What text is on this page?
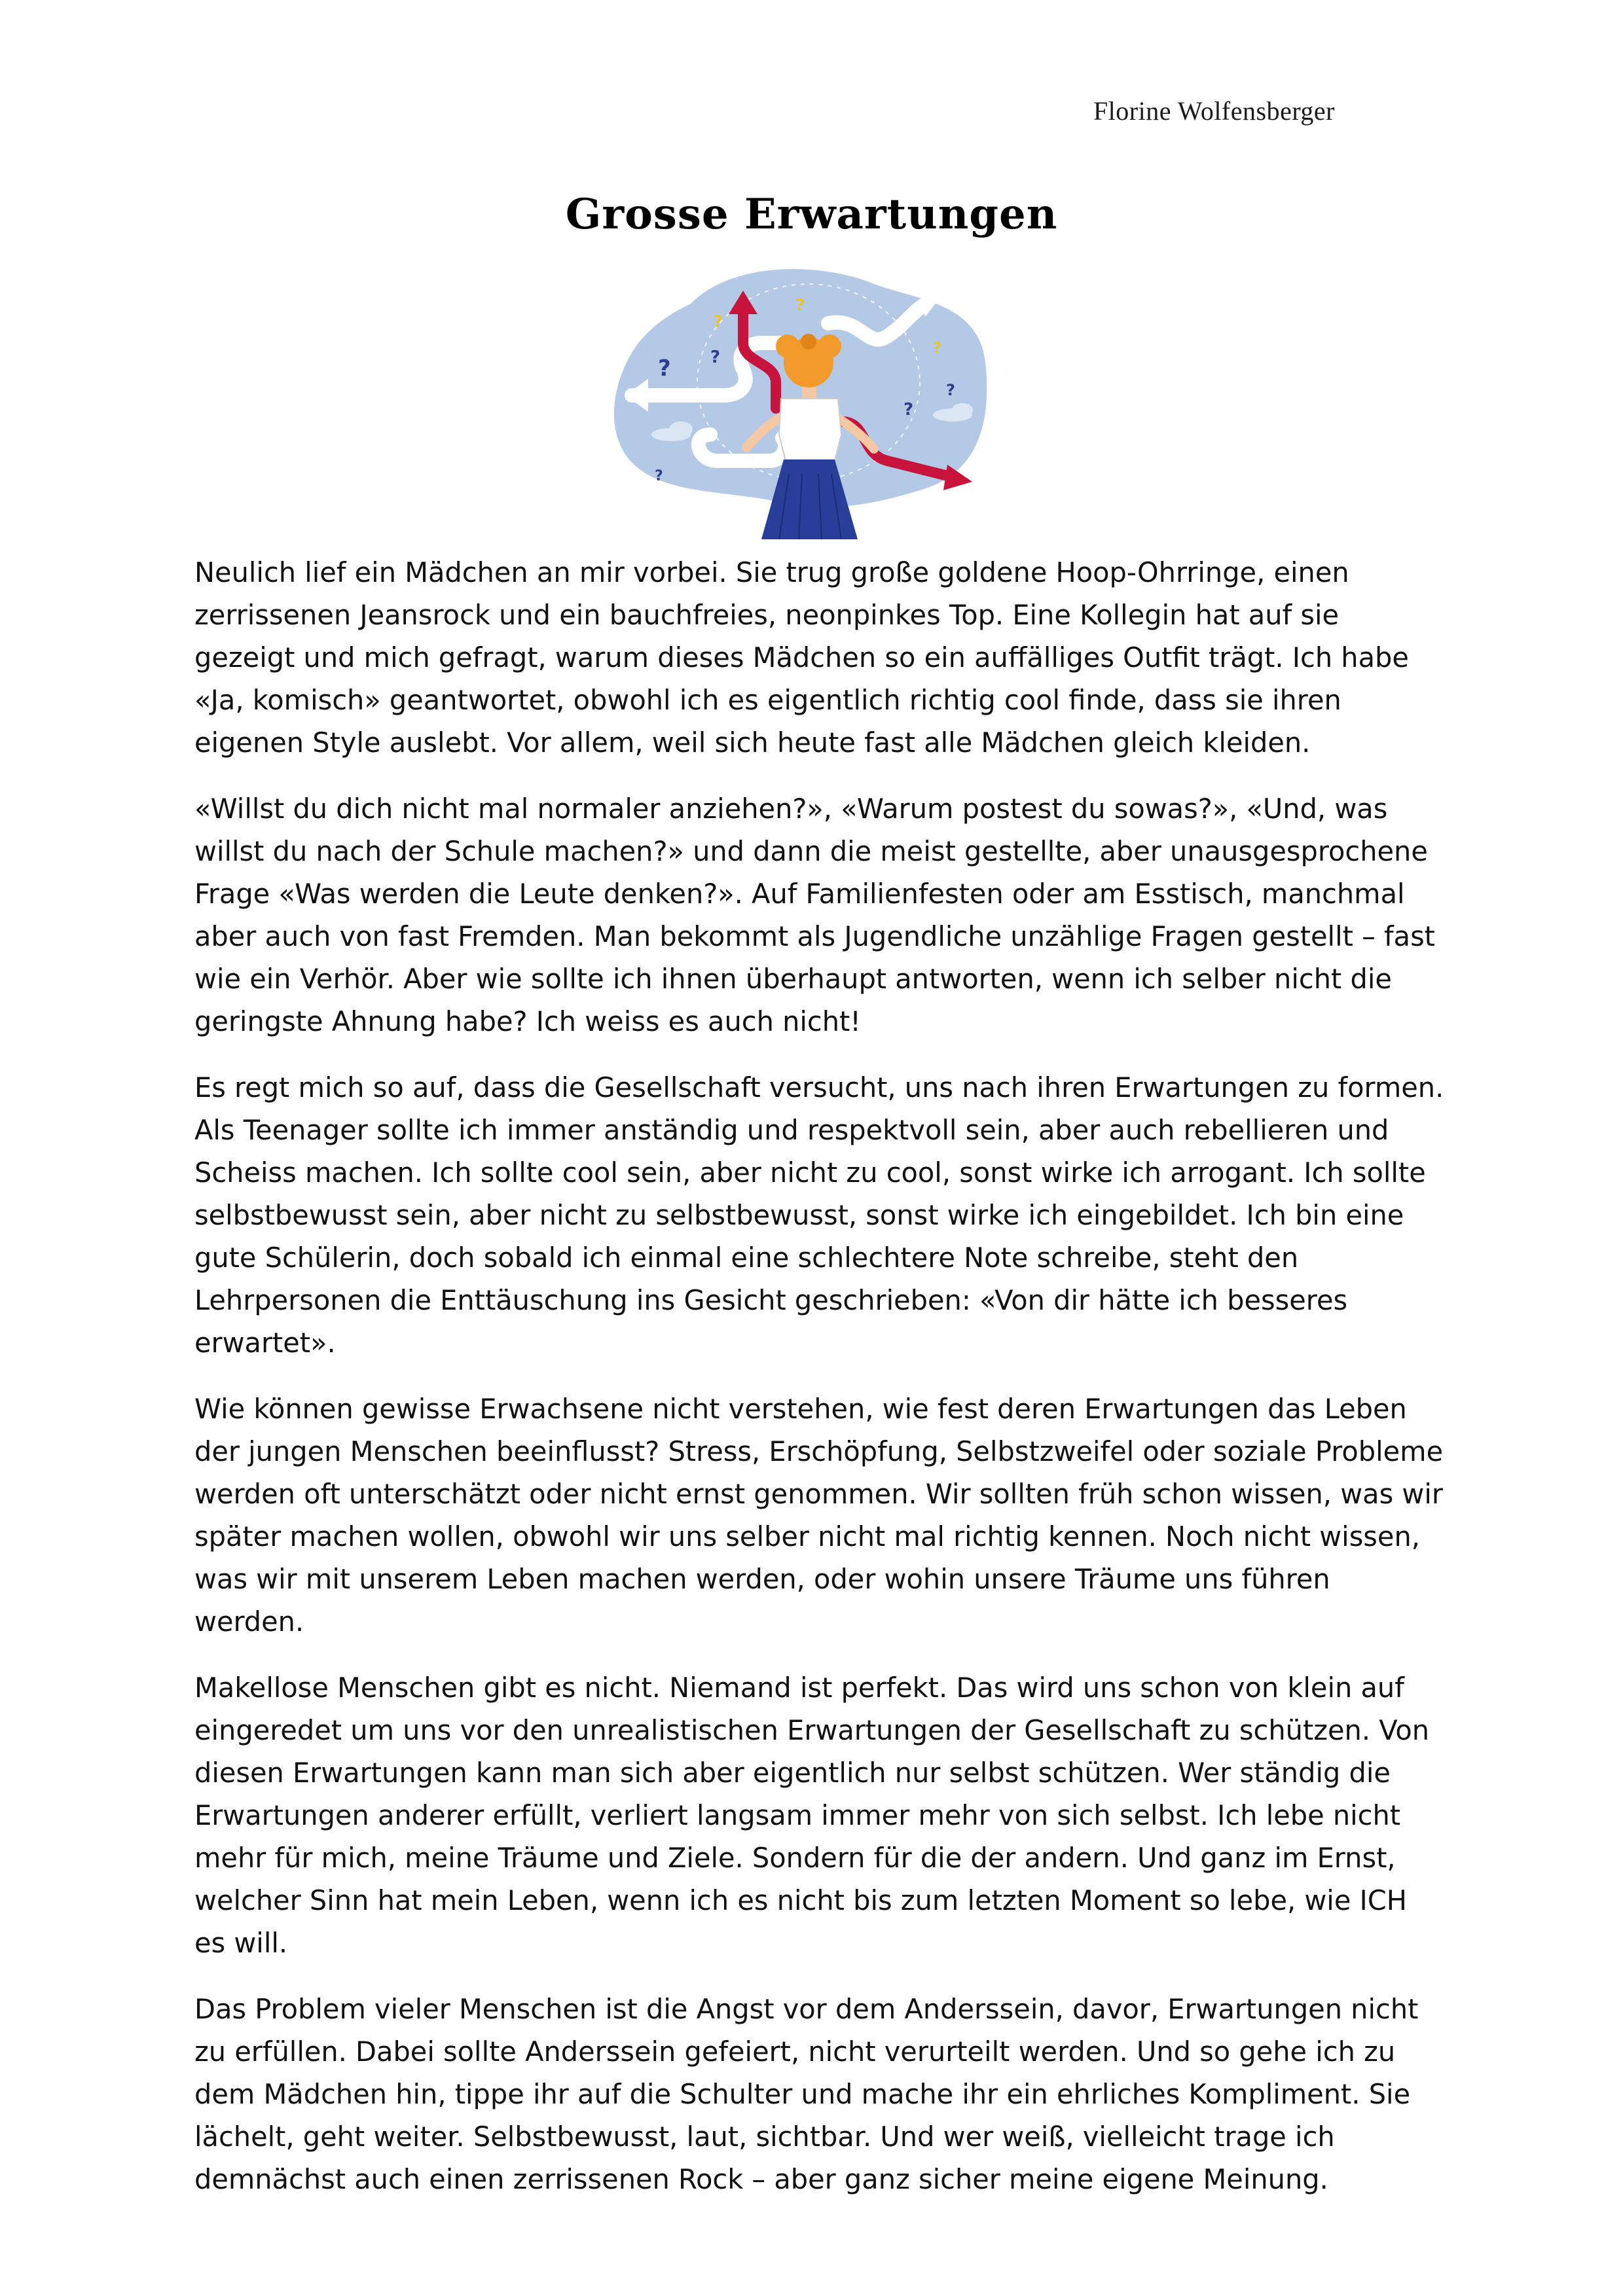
Florine Wolfensberger
Grosse Erwartungen
? ?
?
?
?
?
?
?

Neulich lief ein Mädchen an mir vorbei. Sie trug große goldene Hoop-Ohrringe, einen zerrissenen Jeansrock und ein bauchfreies, neonpinkes Top. Eine Kollegin hat auf sie gezeigt und mich gefragt, warum dieses Mädchen so ein auffälliges Outfit trägt. Ich habe «Ja, komisch» geantwortet, obwohl ich es eigentlich richtig cool finde, dass sie ihren eigenen Style auslebt. Vor allem, weil sich heute fast alle Mädchen gleich kleiden.

«Willst du dich nicht mal normaler anziehen?», «Warum postest du sowas?», «Und, was willst du nach der Schule machen?» und dann die meist gestellte, aber unausgesprochene Frage «Was werden die Leute denken?». Auf Familienfesten oder am Esstisch, manchmal aber auch von fast Fremden. Man bekommt als Jugendliche unzählige Fragen gestellt – fast wie ein Verhör. Aber wie sollte ich ihnen überhaupt antworten, wenn ich selber nicht die geringste Ahnung habe? Ich weiss es auch nicht!

Es regt mich so auf, dass die Gesellschaft versucht, uns nach ihren Erwartungen zu formen. Als Teenager sollte ich immer anständig und respektvoll sein, aber auch rebellieren und Scheiss machen. Ich sollte cool sein, aber nicht zu cool, sonst wirke ich arrogant. Ich sollte selbstbewusst sein, aber nicht zu selbstbewusst, sonst wirke ich eingebildet. Ich bin eine gute Schülerin, doch sobald ich einmal eine schlechtere Note schreibe, steht den Lehrpersonen die Enttäuschung ins Gesicht geschrieben: «Von dir hätte ich besseres erwartet».

Wie können gewisse Erwachsene nicht verstehen, wie fest deren Erwartungen das Leben der jungen Menschen beeinflusst? Stress, Erschöpfung, Selbstzweifel oder soziale Probleme werden oft unterschätzt oder nicht ernst genommen. Wir sollten früh schon wissen, was wir später machen wollen, obwohl wir uns selber nicht mal richtig kennen. Noch nicht wissen, was wir mit unserem Leben machen werden, oder wohin unsere Träume uns führen werden.

Makellose Menschen gibt es nicht. Niemand ist perfekt. Das wird uns schon von klein auf eingeredet um uns vor den unrealistischen Erwartungen der Gesellschaft zu schützen. Von diesen Erwartungen kann man sich aber eigentlich nur selbst schützen. Wer ständig die Erwartungen anderer erfüllt, verliert langsam immer mehr von sich selbst. Ich lebe nicht mehr für mich, meine Träume und Ziele. Sondern für die der andern. Und ganz im Ernst, welcher Sinn hat mein Leben, wenn ich es nicht bis zum letzten Moment so lebe, wie ICH es will.

Das Problem vieler Menschen ist die Angst vor dem Anderssein, davor, Erwartungen nicht zu erfüllen. Dabei sollte Anderssein gefeiert, nicht verurteilt werden. Und so gehe ich zu dem Mädchen hin, tippe ihr auf die Schulter und mache ihr ein ehrliches Kompliment. Sie lächelt, geht weiter. Selbstbewusst, laut, sichtbar. Und wer weiß, vielleicht trage ich demnächst auch einen zerrissenen Rock – aber ganz sicher meine eigene Meinung.
